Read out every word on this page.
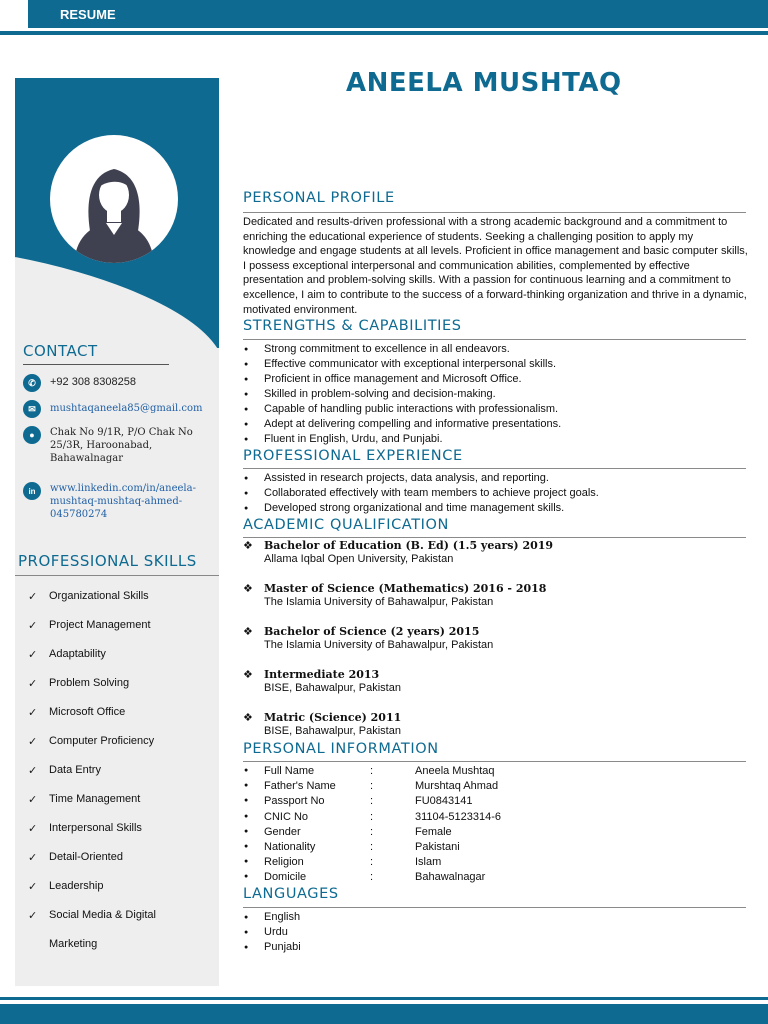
RESUME
CONTACT
✆	+92 308 8308258
✉	mushtaqaneela85@gmail.com
●	Chak No 9/1R, P/O Chak No
25/3R, Haroonabad,
Bahawalnagar
in	www.linkedin.com/in/aneela-
mushtaq-mushtaq-ahmed-
045780274
PROFESSIONAL SKILLS
✓	Organizational Skills
✓	Project Management
✓	Adaptability
✓	Problem Solving
✓	Microsoft Office
✓	Computer Proficiency
✓	Data Entry
✓	Time Management
✓	Interpersonal Skills
✓	Detail-Oriented
✓	Leadership
✓	Social Media & Digital
Marketing
ANEELA MUSHTAQ
PERSONAL PROFILE
Dedicated and results-driven professional with a strong academic background and a commitment to enriching the educational experience of students. Seeking a challenging position to apply my knowledge and engage students at all levels. Proficient in office management and basic computer skills, I possess exceptional interpersonal and communication abilities, complemented by effective presentation and problem-solving skills. With a passion for continuous learning and a commitment to excellence, I aim to contribute to the success of a forward-thinking organization and thrive in a dynamic, motivated environment.
STRENGTHS & CAPABILITIES
● Strong commitment to excellence in all endeavors.
● Effective communicator with exceptional interpersonal skills.
● Proficient in office management and Microsoft Office.
● Skilled in problem-solving and decision-making.
● Capable of handling public interactions with professionalism.
● Adept at delivering compelling and informative presentations.
● Fluent in English, Urdu, and Punjabi.
PROFESSIONAL EXPERIENCE
● Assisted in research projects, data analysis, and reporting.
● Collaborated effectively with team members to achieve project goals.
● Developed strong organizational and time management skills.
ACADEMIC QUALIFICATION
❖ Bachelor of Education (B. Ed) (1.5 years) 2019
Allama Iqbal Open University, Pakistan
❖ Master of Science (Mathematics) 2016 - 2018
The Islamia University of Bahawalpur, Pakistan
❖ Bachelor of Science (2 years) 2015
The Islamia University of Bahawalpur, Pakistan
❖ Intermediate 2013
BISE, Bahawalpur, Pakistan
❖ Matric (Science) 2011
BISE, Bahawalpur, Pakistan
PERSONAL INFORMATION
● Full Name	:	Aneela Mushtaq
● Father's Name	:	Murshtaq Ahmad
● Passport No	:	FU0843141
● CNIC No	:	31104-5123314-6
● Gender	:	Female
● Nationality	:	Pakistani
● Religion	:	Islam
● Domicile	:	Bahawalnagar
LANGUAGES
● English
● Urdu
● Punjabi
